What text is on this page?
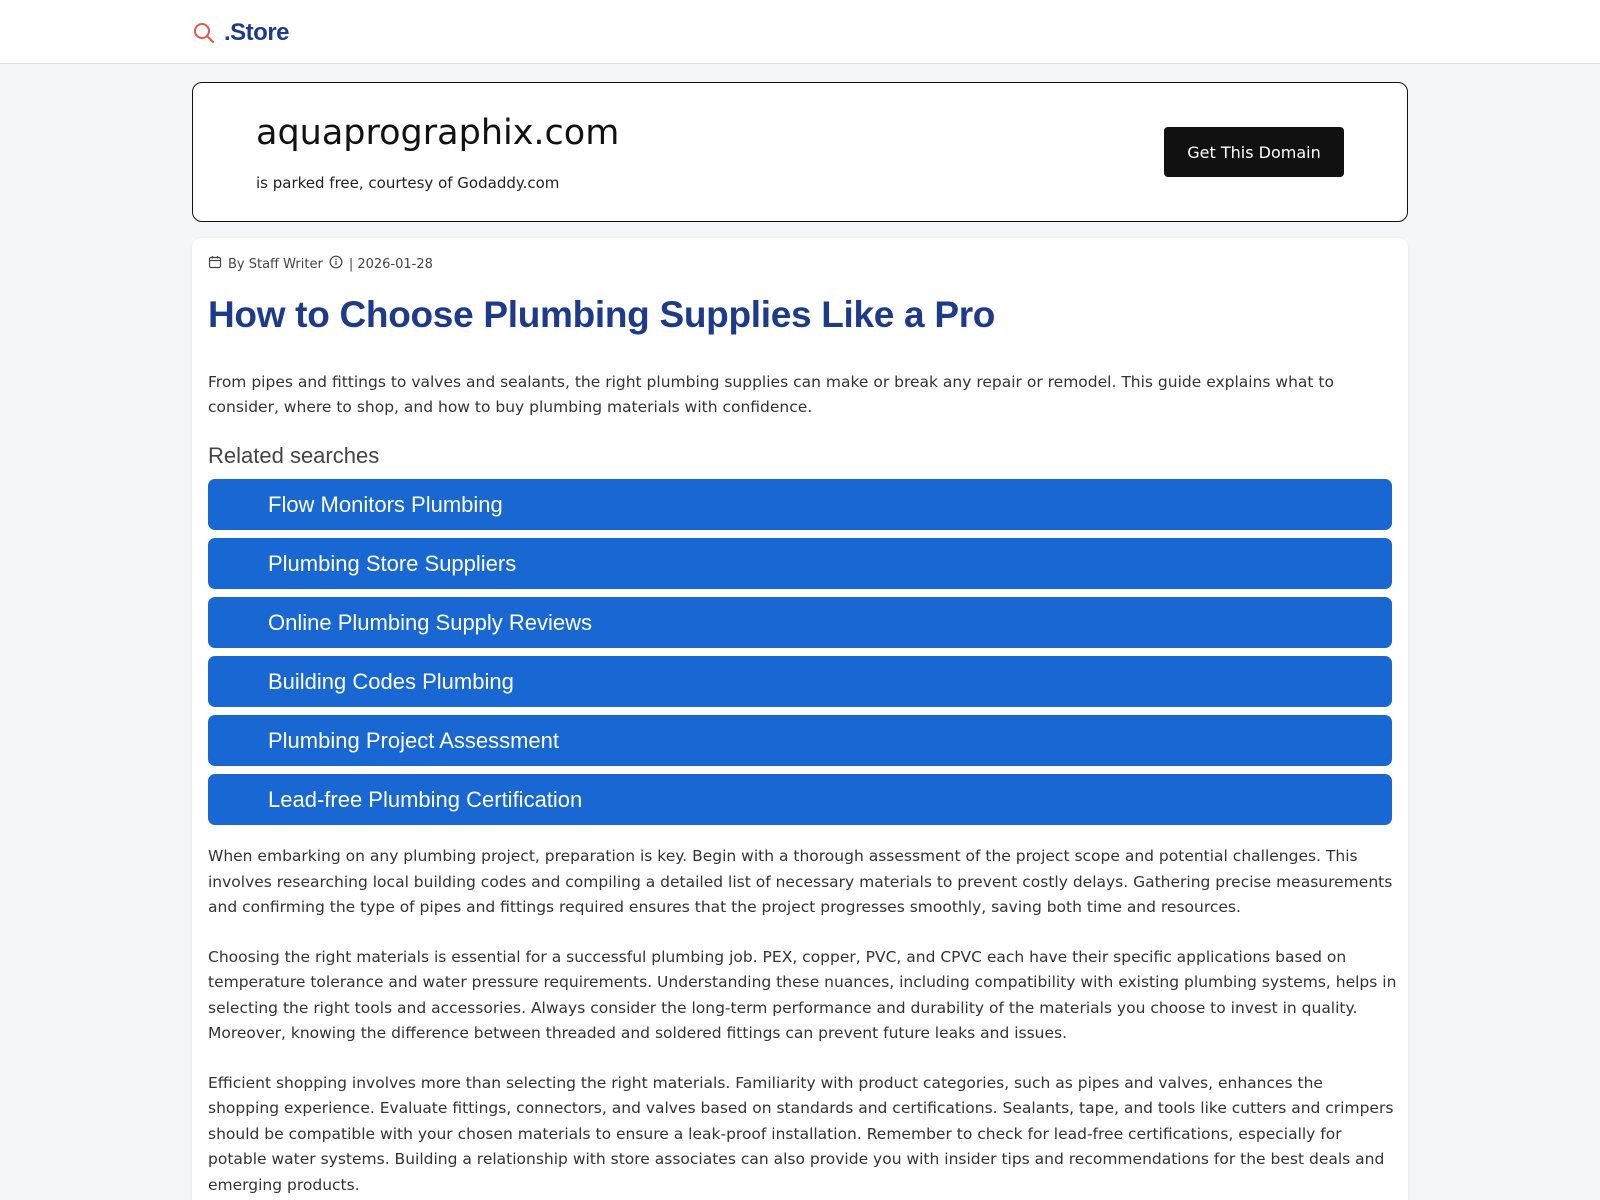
.Store
aquaprographix.com
is parked free, courtesy of Godaddy.com
Get This Domain
By Staff Writer | 2026-01-28
How to Choose Plumbing Supplies Like a Pro

From pipes and fittings to valves and sealants, the right plumbing supplies can make or break any repair or remodel. This guide explains what to consider, where to shop, and how to buy plumbing materials with confidence.

Related searches
Flow Monitors Plumbing
Plumbing Store Suppliers
Online Plumbing Supply Reviews
Building Codes Plumbing
Plumbing Project Assessment
Lead-free Plumbing Certification

When embarking on any plumbing project, preparation is key. Begin with a thorough assessment of the project scope and potential challenges. This involves researching local building codes and compiling a detailed list of necessary materials to prevent costly delays. Gathering precise measurements and confirming the type of pipes and fittings required ensures that the project progresses smoothly, saving both time and resources.

Choosing the right materials is essential for a successful plumbing job. PEX, copper, PVC, and CPVC each have their specific applications based on temperature tolerance and water pressure requirements. Understanding these nuances, including compatibility with existing plumbing systems, helps in selecting the right tools and accessories. Always consider the long-term performance and durability of the materials you choose to invest in quality. Moreover, knowing the difference between threaded and soldered fittings can prevent future leaks and issues.

Efficient shopping involves more than selecting the right materials. Familiarity with product categories, such as pipes and valves, enhances the shopping experience. Evaluate fittings, connectors, and valves based on standards and certifications. Sealants, tape, and tools like cutters and crimpers should be compatible with your chosen materials to ensure a leak-proof installation. Remember to check for lead-free certifications, especially for potable water systems. Building a relationship with store associates can also provide you with insider tips and recommendations for the best deals and emerging products.
